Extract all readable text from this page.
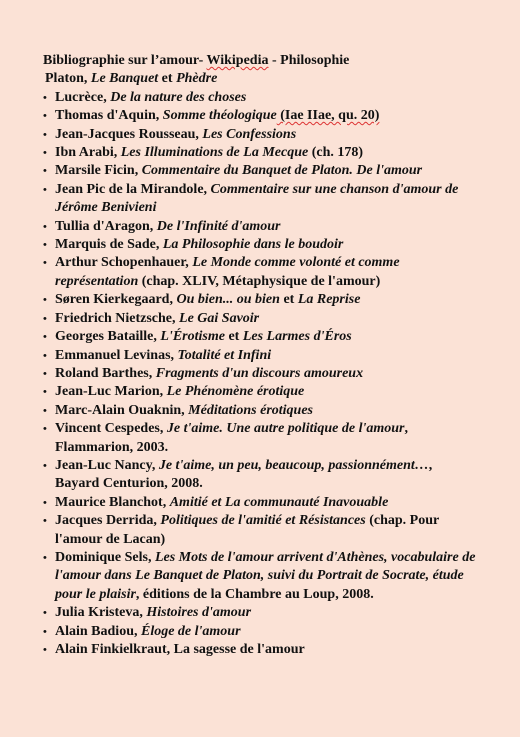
Bibliographie sur l’amour- Wikipedia - Philosophie

Platon, Le Banquet et Phèdre

• Lucrèce, De la nature des choses
• Thomas d'Aquin, Somme théologique (Iae IIae, qu. 20)
• Jean-Jacques Rousseau, Les Confessions
• Ibn Arabi, Les Illuminations de La Mecque (ch. 178)
• Marsile Ficin, Commentaire du Banquet de Platon. De l'amour
• Jean Pic de la Mirandole, Commentaire sur une chanson d'amour de Jérôme Benivieni
• Tullia d'Aragon, De l'Infinité d'amour
• Marquis de Sade, La Philosophie dans le boudoir
• Arthur Schopenhauer, Le Monde comme volonté et comme représentation (chap. XLIV, Métaphysique de l'amour)
• Søren Kierkegaard, Ou bien... ou bien et La Reprise
• Friedrich Nietzsche, Le Gai Savoir
• Georges Bataille, L'Érotisme et Les Larmes d'Éros
• Emmanuel Levinas, Totalité et Infini
• Roland Barthes, Fragments d'un discours amoureux
• Jean-Luc Marion, Le Phénomène érotique
• Marc-Alain Ouaknin, Méditations érotiques
• Vincent Cespedes, Je t'aime. Une autre politique de l'amour, Flammarion, 2003.
• Jean-Luc Nancy, Je t'aime, un peu, beaucoup, passionnément…, Bayard Centurion, 2008.
• Maurice Blanchot, Amitié et La communauté Inavouable
• Jacques Derrida, Politiques de l'amitié et Résistances (chap. Pour l'amour de Lacan)
• Dominique Sels, Les Mots de l'amour arrivent d'Athènes, vocabulaire de l'amour dans Le Banquet de Platon, suivi du Portrait de Socrate, étude pour le plaisir, éditions de la Chambre au Loup, 2008.
• Julia Kristeva, Histoires d'amour
• Alain Badiou, Éloge de l'amour
• Alain Finkielkraut, La sagesse de l'amour
